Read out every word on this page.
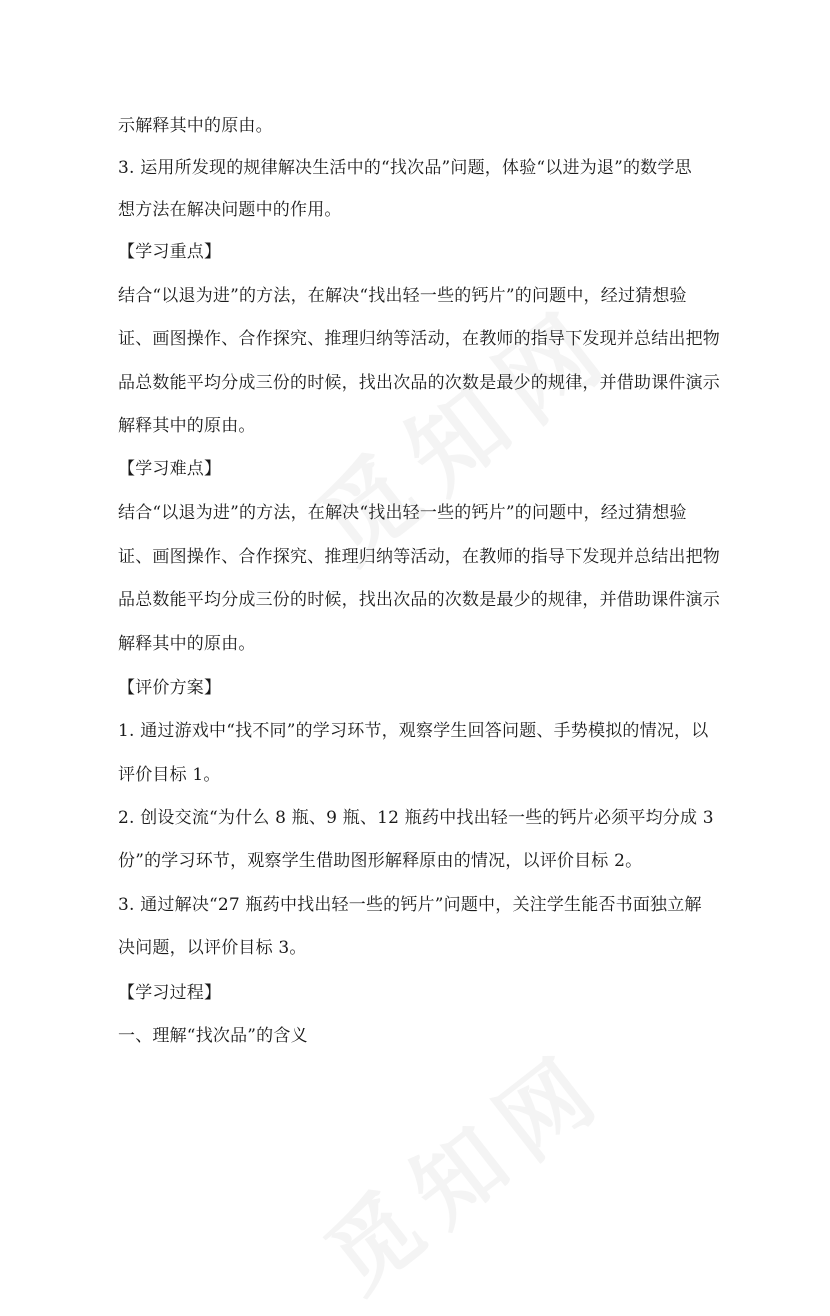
示解释其中的原由。
3. 运用所发现的规律解决生活中的“找次品”问题，体验“以进为退”的数学思
想方法在解决问题中的作用。
【学习重点】
结合“以退为进”的方法，在解决“找出轻一些的钙片”的问题中，经过猜想验
证、画图操作、合作探究、推理归纳等活动，在教师的指导下发现并总结出把物
品总数能平均分成三份的时候，找出次品的次数是最少的规律，并借助课件演示
解释其中的原由。
【学习难点】
结合“以退为进”的方法，在解决“找出轻一些的钙片”的问题中，经过猜想验
证、画图操作、合作探究、推理归纳等活动，在教师的指导下发现并总结出把物
品总数能平均分成三份的时候，找出次品的次数是最少的规律，并借助课件演示
解释其中的原由。
【评价方案】
1. 通过游戏中“找不同”的学习环节，观察学生回答问题、手势模拟的情况，以
评价目标 1。
2. 创设交流“为什么 8 瓶、9 瓶、12 瓶药中找出轻一些的钙片必须平均分成 3
份”的学习环节，观察学生借助图形解释原由的情况，以评价目标 2。
3. 通过解决“27 瓶药中找出轻一些的钙片”问题中，关注学生能否书面独立解
决问题，以评价目标 3。
【学习过程】
一、理解“找次品”的含义
